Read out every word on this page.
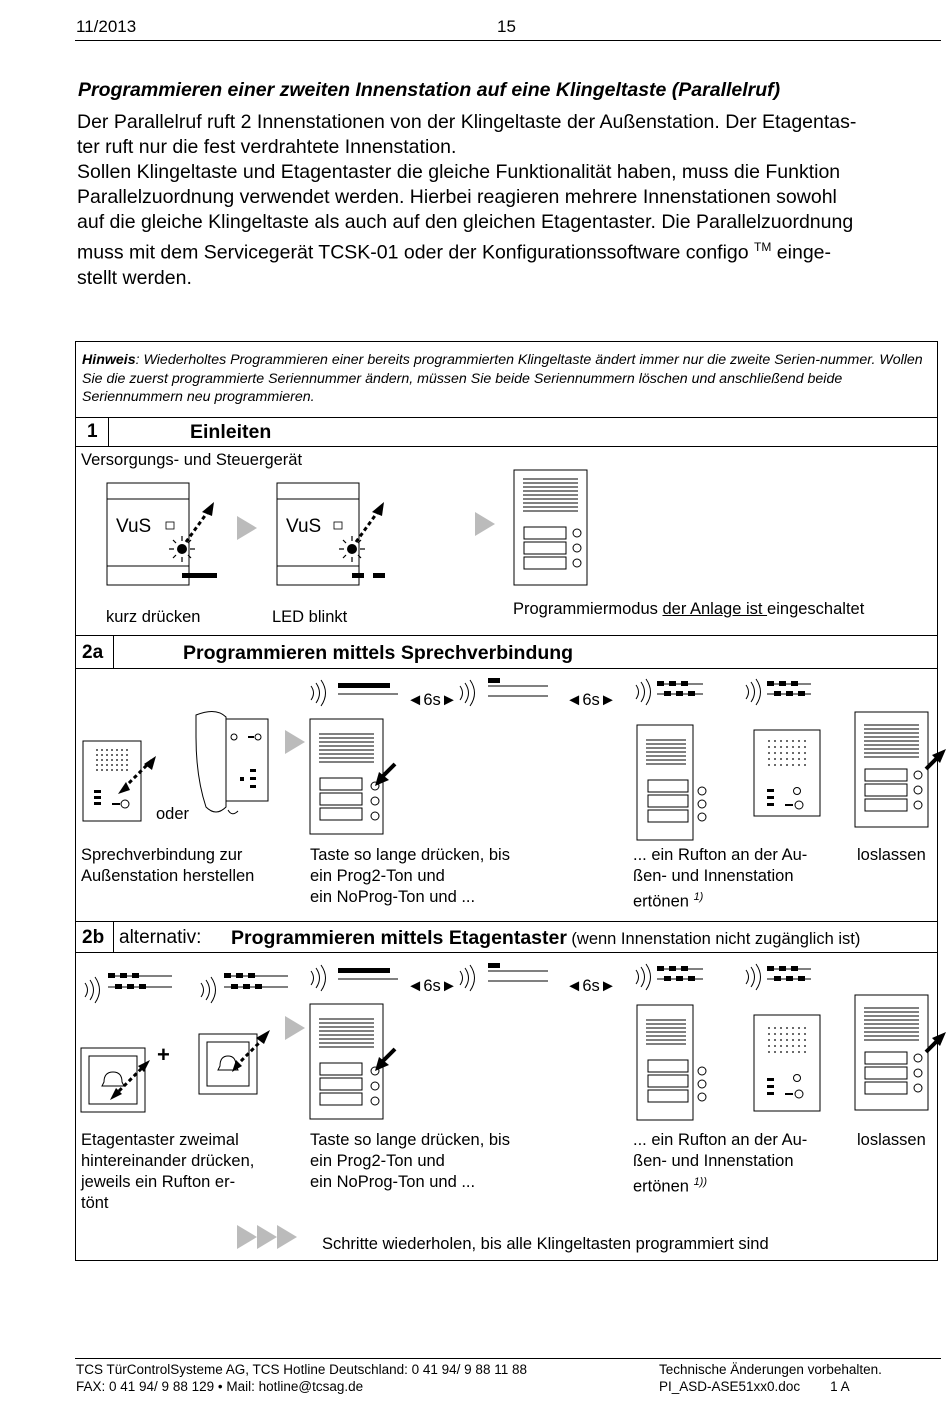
11/2013	15
Programmieren einer zweiten Innenstation auf eine Klingeltaste (Parallelruf)
Der Parallelruf ruft 2 Innenstationen von der Klingeltaste der Außenstation. Der Etagentas-
ter ruft nur die fest verdrahtete Innenstation.
Sollen Klingeltaste und Etagentaster die gleiche Funktionalität haben, muss die Funktion
Parallelzuordnung verwendet werden. Hierbei reagieren mehrere Innenstationen sowohl
auf die gleiche Klingeltaste als auch auf den gleichen Etagentaster. Die Parallelzuordnung
muss mit dem Servicegerät TCSK-01 oder der Konfigurationssoftware configo ™ einge-
stellt werden.
Hinweis: Wiederholtes Programmieren einer bereits programmierten Klingeltaste ändert immer nur die zweite Serien-nummer. Wollen Sie die zuerst programmierte Seriennummer ändern, müssen Sie beide Seriennummern löschen und anschließend beide Seriennummern neu programmieren.
1	Einleiten
Versorgungs- und Steuergerät
VuS	VuS
kurz drücken	LED blinkt	Programmiermodus der Anlage ist eingeschaltet
2a	Programmieren mittels Sprechverbindung
◄6s►	◄6s►
oder
Sprechverbindung zur
Außenstation herstellen
Taste so lange drücken, bis
ein Prog2-Ton und
ein NoProg-Ton und ...
... ein Rufton an der Au-
ßen- und Innenstation
ertönen $^{1)}$
loslassen
2b alternativ: Programmieren mittels Etagentaster (wenn Innenstation nicht zugänglich ist)
◄6s►	◄6s►
+
Etagentaster zweimal
hintereinander drücken,
jeweils ein Rufton er-
tönt
Taste so lange drücken, bis
ein Prog2-Ton und
ein NoProg-Ton und ...
... ein Rufton an der Au-
ßen- und Innenstation
ertönen $^{1))}$
loslassen
Schritte wiederholen, bis alle Klingeltasten programmiert sind
TCS TürControlSysteme AG, TCS Hotline Deutschland: 0 41 94/ 9 88 11 88
FAX: 0 41 94/ 9 88 129 • Mail: hotline@tcsag.de
Technische Änderungen vorbehalten.
PI_ASD-ASE51xx0.doc 1 A
